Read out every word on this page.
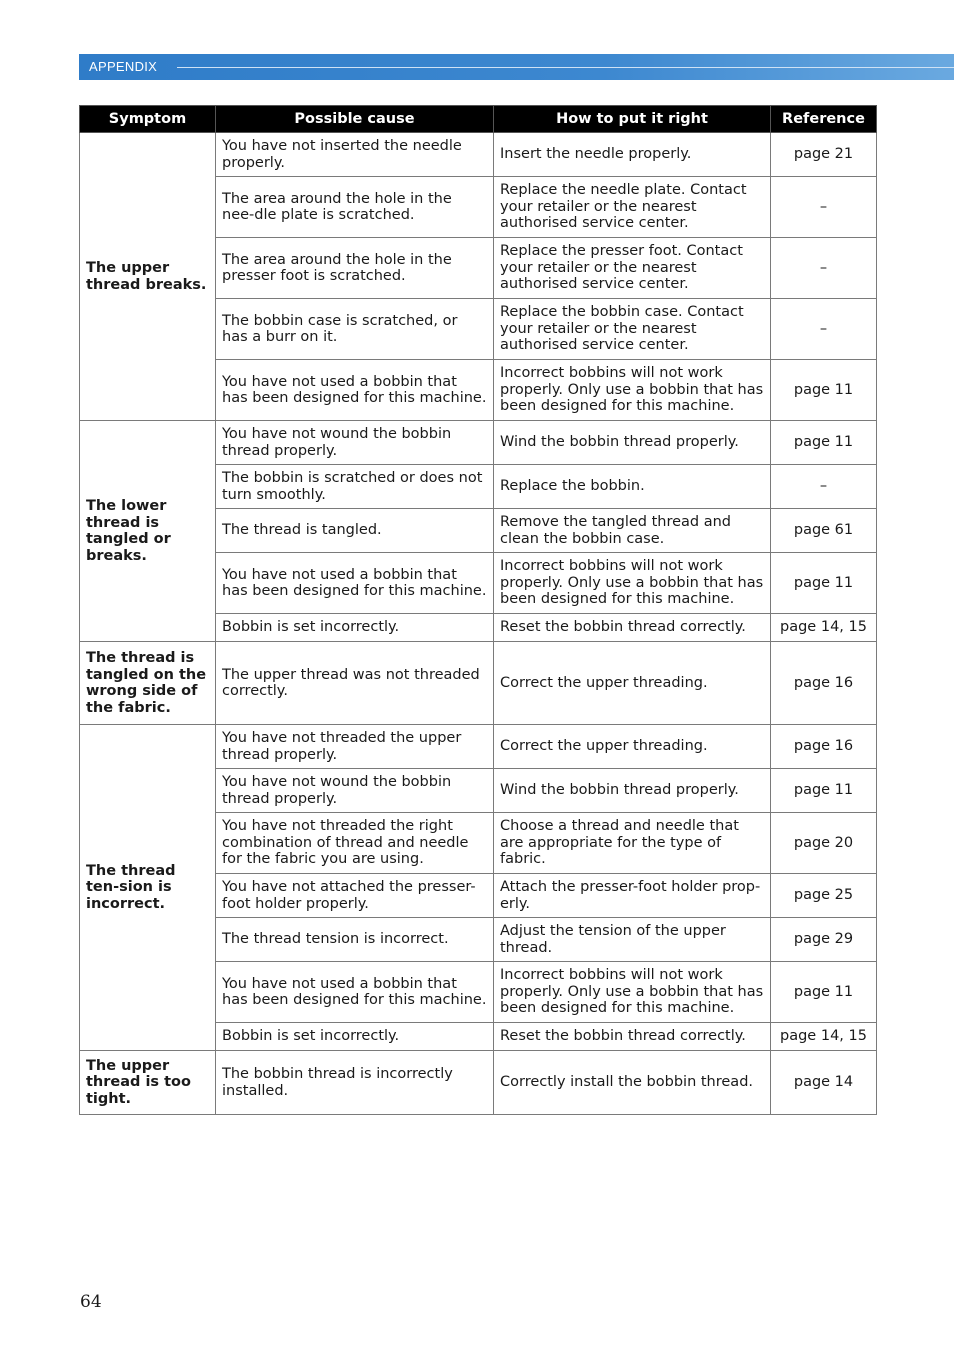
APPENDIX
Symptom	Possible cause	How to put it right	Reference
The upper thread breaks.	You have not inserted the needle properly.	Insert the needle properly.	page 21
	The area around the hole in the nee-dle plate is scratched.	Replace the needle plate. Contact your retailer or the nearest authorised service center.	–
	The area around the hole in the presser foot is scratched.	Replace the presser foot. Contact your retailer or the nearest authorised service center.	–
	The bobbin case is scratched, or has a burr on it.	Replace the bobbin case. Contact your retailer or the nearest authorised service center.	–
	You have not used a bobbin that has been designed for this machine.	Incorrect bobbins will not work properly. Only use a bobbin that has been designed for this machine.	page 11
The lower thread is tangled or breaks.	You have not wound the bobbin thread properly.	Wind the bobbin thread properly.	page 11
	The bobbin is scratched or does not turn smoothly.	Replace the bobbin.	–
	The thread is tangled.	Remove the tangled thread and clean the bobbin case.	page 61
	You have not used a bobbin that has been designed for this machine.	Incorrect bobbins will not work properly. Only use a bobbin that has been designed for this machine.	page 11
	Bobbin is set incorrectly.	Reset the bobbin thread correctly.	page 14, 15
The thread is tangled on the wrong side of the fabric.	The upper thread was not threaded correctly.	Correct the upper threading.	page 16
The thread ten-sion is incorrect.	You have not threaded the upper thread properly.	Correct the upper threading.	page 16
	You have not wound the bobbin thread properly.	Wind the bobbin thread properly.	page 11
	You have not threaded the right combination of thread and needle for the fabric you are using.	Choose a thread and needle that are appropriate for the type of fabric.	page 20
	You have not attached the presser-foot holder properly.	Attach the presser-foot holder prop-erly.	page 25
	The thread tension is incorrect.	Adjust the tension of the upper thread.	page 29
	You have not used a bobbin that has been designed for this machine.	Incorrect bobbins will not work properly. Only use a bobbin that has been designed for this machine.	page 11
	Bobbin is set incorrectly.	Reset the bobbin thread correctly.	page 14, 15
The upper thread is too tight.	The bobbin thread is incorrectly installed.	Correctly install the bobbin thread.	page 14
64
